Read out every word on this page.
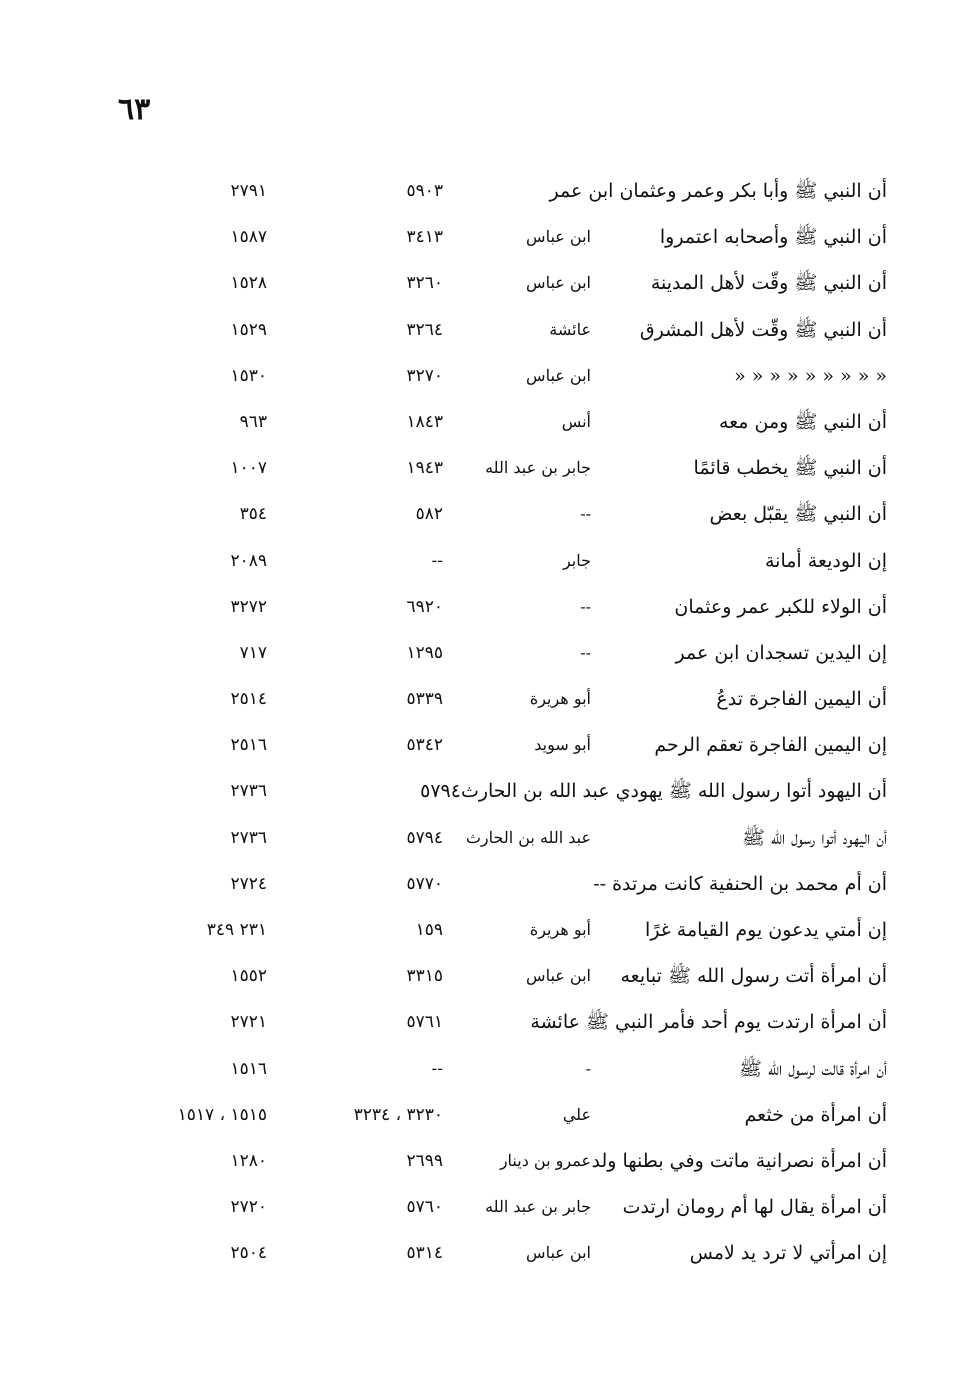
٦٣
أن النبي ﷺ وأبا بكر وعمر وعثمان ابن عمر
٥٩٠٣
٢٧٩١
أن النبي ﷺ وأصحابه اعتمروا
ابن عباس
٣٤١٣
١٥٨٧
أن النبي ﷺ وقّت لأهل المدينة
ابن عباس
٣٢٦٠
١٥٢٨
أن النبي ﷺ وقّت لأهل المشرق
عائشة
٣٢٦٤
١٥٢٩
« « « « « « « « «
ابن عباس
٣٢٧٠
١٥٣٠
أن النبي ﷺ ومن معه
أنس
١٨٤٣
٩٦٣
أن النبي ﷺ يخطب قائمًا
جابر بن عبد الله
١٩٤٣
١٠٠٧
أن النبي ﷺ يقبّل بعض
--
٥٨٢
٣٥٤
إن الوديعة أمانة
جابر
--
٢٠٨٩
أن الولاء للكبر عمر وعثمان
--
٦٩٢٠
٣٢٧٢
إن اليدين تسجدان ابن عمر
--
١٢٩٥
٧١٧
أن اليمين الفاجرة تدعُ
أبو هريرة
٥٣٣٩
٢٥١٤
إن اليمين الفاجرة تعقم الرحم
أبو سويد
٥٣٤٢
٢٥١٦
أن اليهود أتوا رسول الله ﷺ يهودي عبد الله بن الحارث٥٧٩٤
٢٧٣٦
أن اليهود أتوا رسول الله ﷺ
عبد الله بن الحارث
٥٧٩٤
٢٧٣٦
أن أم محمد بن الحنفية كانت مرتدة --
٥٧٧٠
٢٧٢٤
إن أمتي يدعون يوم القيامة غرًا
أبو هريرة
١٥٩
٢٣١ ٣٤٩
أن امرأة أتت رسول الله ﷺ تبايعه
ابن عباس
٣٣١٥
١٥٥٢
أن امرأة ارتدت يوم أحد فأمر النبي ﷺ عائشة
٥٧٦١
٢٧٢١
أن امرأة قالت لرسول الله ﷺ
-
--
١٥١٦
أن امرأة من خثعم
علي
٣٢٣٠ ، ٣٢٣٤
١٥١٥ ، ١٥١٧
أن امرأة نصرانية ماتت وفي بطنها ولد
عمرو بن دينار
٢٦٩٩
١٢٨٠
أن امرأة يقال لها أم رومان ارتدت
جابر بن عبد الله
٥٧٦٠
٢٧٢٠
إن امرأتي لا ترد يد لامس
ابن عباس
٥٣١٤
٢٥٠٤
